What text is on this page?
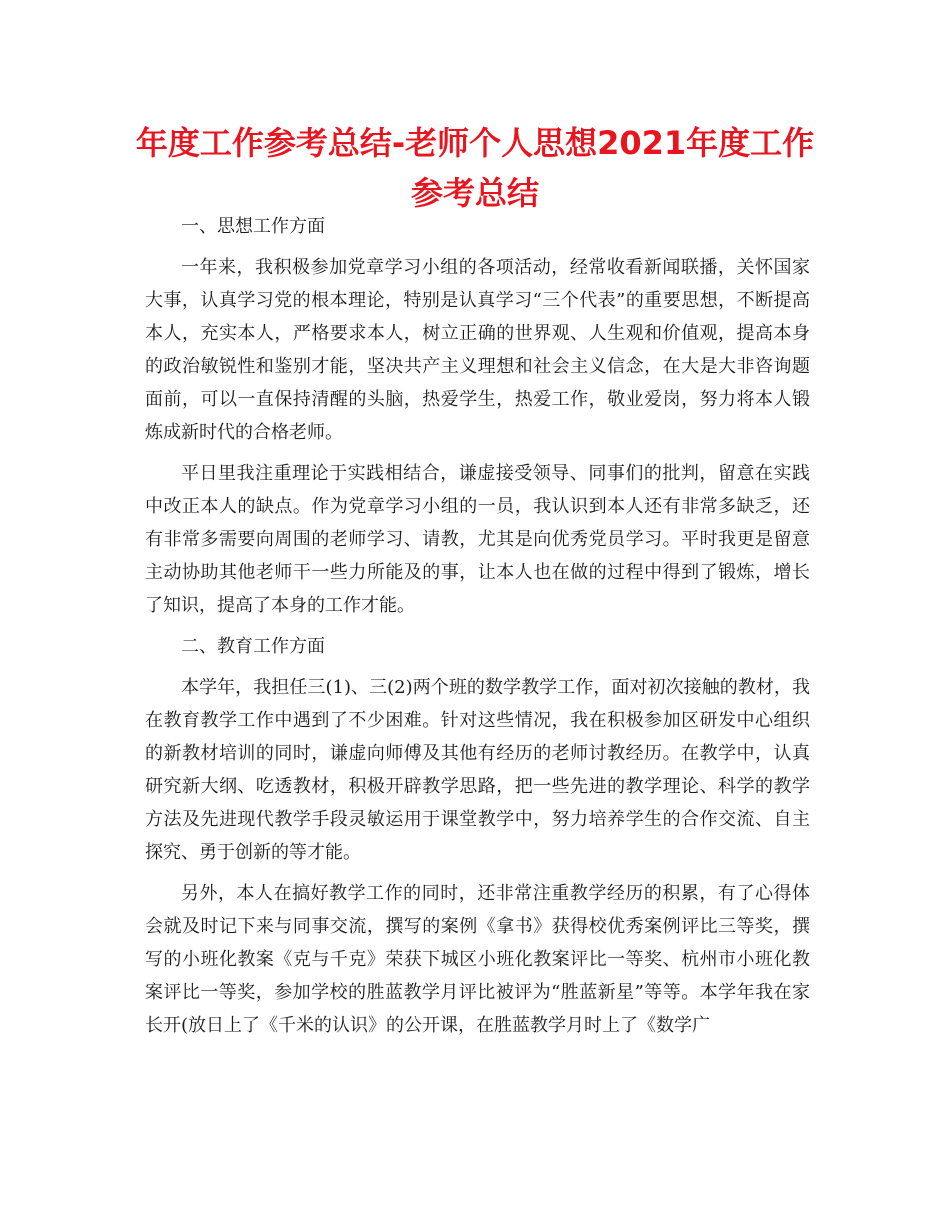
年度工作参考总结-老师个人思想2021年度工作参考总结

一、思想工作方面

一年来，我积极参加党章学习小组的各项活动，经常收看新闻联播，关怀国家大事，认真学习党的根本理论，特别是认真学习“三个代表”的重要思想，不断提高本人，充实本人，严格要求本人，树立正确的世界观、人生观和价值观，提高本身的政治敏锐性和鉴别才能，坚决共产主义理想和社会主义信念，在大是大非咨询题面前，可以一直保持清醒的头脑，热爱学生，热爱工作，敬业爱岗，努力将本人锻炼成新时代的合格老师。

平日里我注重理论于实践相结合，谦虚接受领导、同事们的批判，留意在实践中改正本人的缺点。作为党章学习小组的一员，我认识到本人还有非常多缺乏，还有非常多需要向周围的老师学习、请教，尤其是向优秀党员学习。平时我更是留意主动协助其他老师干一些力所能及的事，让本人也在做的过程中得到了锻炼，增长了知识，提高了本身的工作才能。

二、教育工作方面

本学年，我担任三(1)、三(2)两个班的数学教学工作，面对初次接触的教材，我在教育教学工作中遇到了不少困难。针对这些情况，我在积极参加区研发中心组织的新教材培训的同时，谦虚向师傅及其他有经历的老师讨教经历。在教学中，认真研究新大纲、吃透教材，积极开辟教学思路，把一些先进的教学理论、科学的教学方法及先进现代教学手段灵敏运用于课堂教学中，努力培养学生的合作交流、自主探究、勇于创新的等才能。

另外，本人在搞好教学工作的同时，还非常注重教学经历的积累，有了心得体会就及时记下来与同事交流，撰写的案例《拿书》获得校优秀案例评比三等奖，撰写的小班化教案《克与千克》荣获下城区小班化教案评比一等奖、杭州市小班化教案评比一等奖，参加学校的胜蓝教学月评比被评为“胜蓝新星”等等。本学年我在家长开(放日上了《千米的认识》的公开课，在胜蓝教学月时上了《数学广
